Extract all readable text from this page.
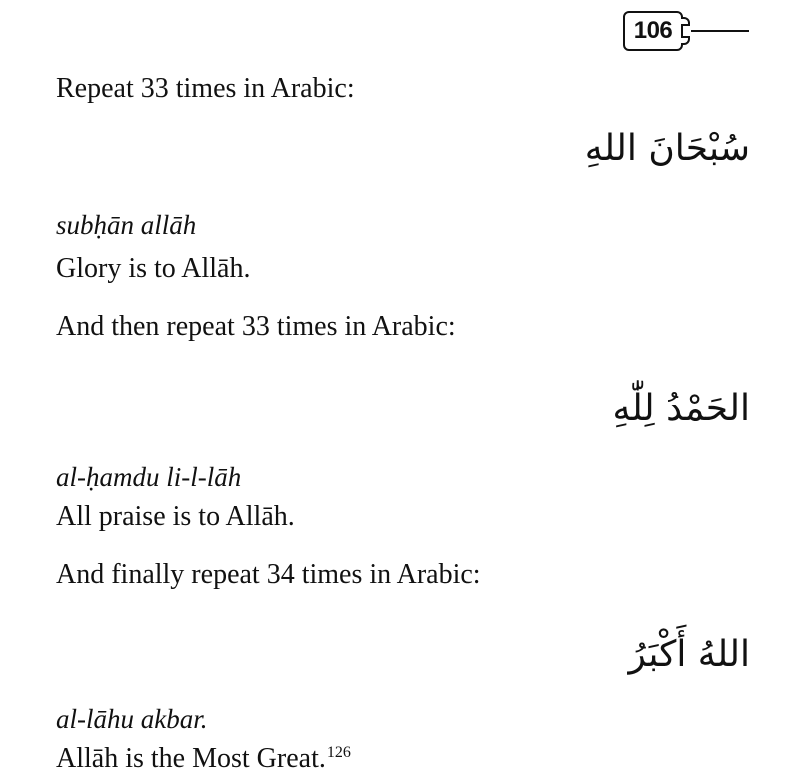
106
Repeat 33 times in Arabic:
سُبْحَانَ اللهِ
subḥān allāh
Glory is to Allāh.
And then repeat 33 times in Arabic:
الحَمْدُ لِلّٰهِ
al-ḥamdu li-l-lāh
All praise is to Allāh.
And finally repeat 34 times in Arabic:
اللهُ أَكْبَرُ
al-lāhu akbar.
Allāh is the Most Great.$^{126}$
